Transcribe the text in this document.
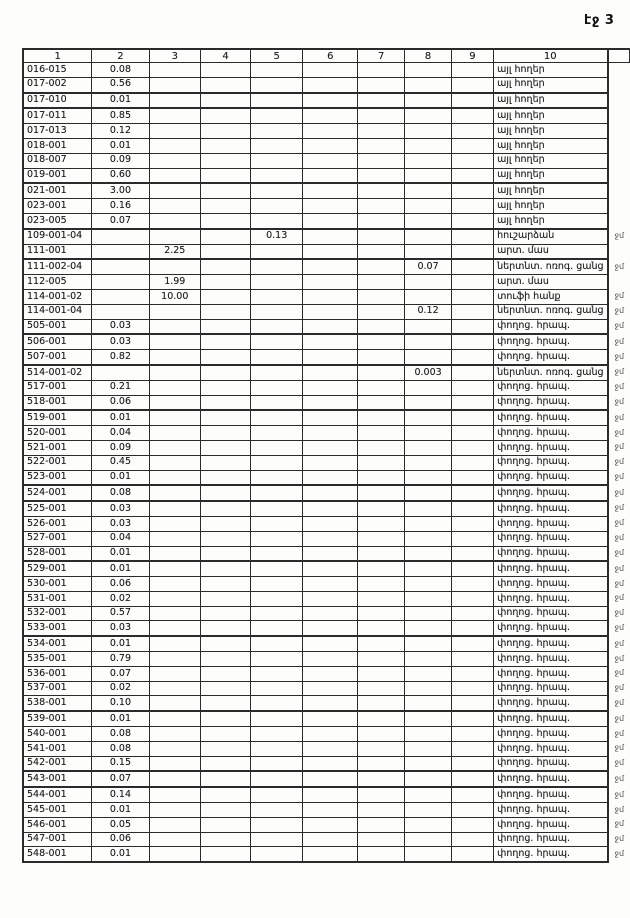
էջ 3
1	2	3	4	5	6	7	8	9	10	
016-015	0.08								այլ հողեր	
017-002	0.56								այլ հողեր	
017-010	0.01								այլ հողեր	
017-011	0.85								այլ հողեր	
017-013	0.12								այլ հողեր	
018-001	0.01								այլ հողեր	
018-007	0.09								այլ հողեր	
019-001	0.60								այլ հողեր	
021-001	3.00								այլ հողեր	
023-001	0.16								այլ հողեր	
023-005	0.07								այլ հողեր	
109-001-04				0.13					հուշարձան	ջմ
111-001		2.25							արտ. մաս	
111-002-04							0.07		ներտնտ. ոռոգ. ցանց	ջմ
112-005		1.99							արտ. մաս	
114-001-02		10.00							տուֆի հանք	ջմ
114-001-04							0.12		ներտնտ. ոռոգ. ցանց	ջմ
505-001	0.03								փողոց. հրապ.	ջմ
506-001	0.03								փողոց. հրապ.	ջմ
507-001	0.82								փողոց. հրապ.	ջմ
514-001-02							0.003		ներտնտ. ոռոգ. ցանց	ջմ
517-001	0.21								փողոց. հրապ.	ջմ
518-001	0.06								փողոց. հրապ.	ջմ
519-001	0.01								փողոց. հրապ.	ջմ
520-001	0.04								փողոց. հրապ.	ջմ
521-001	0.09								փողոց. հրապ.	ջմ
522-001	0.45								փողոց. հրապ.	ջմ
523-001	0.01								փողոց. հրապ.	ջմ
524-001	0.08								փողոց. հրապ.	ջմ
525-001	0.03								փողոց. հրապ.	ջմ
526-001	0.03								փողոց. հրապ.	ջմ
527-001	0.04								փողոց. հրապ.	ջմ
528-001	0.01								փողոց. հրապ.	ջմ
529-001	0.01								փողոց. հրապ.	ջմ
530-001	0.06								փողոց. հրապ.	ջմ
531-001	0.02								փողոց. հրապ.	ջմ
532-001	0.57								փողոց. հրապ.	ջմ
533-001	0.03								փողոց. հրապ.	ջմ
534-001	0.01								փողոց. հրապ.	ջմ
535-001	0.79								փողոց. հրապ.	ջմ
536-001	0.07								փողոց. հրապ.	ջմ
537-001	0.02								փողոց. հրապ.	ջմ
538-001	0.10								փողոց. հրապ.	ջմ
539-001	0.01								փողոց. հրապ.	ջմ
540-001	0.08								փողոց. հրապ.	ջմ
541-001	0.08								փողոց. հրապ.	ջմ
542-001	0.15								փողոց. հրապ.	ջմ
543-001	0.07								փողոց. հրապ.	ջմ
544-001	0.14								փողոց. հրապ.	ջմ
545-001	0.01								փողոց. հրապ.	ջմ
546-001	0.05								փողոց. հրապ.	ջմ
547-001	0.06								փողոց. հրապ.	ջմ
548-001	0.01								փողոց. հրապ.	ջմ
